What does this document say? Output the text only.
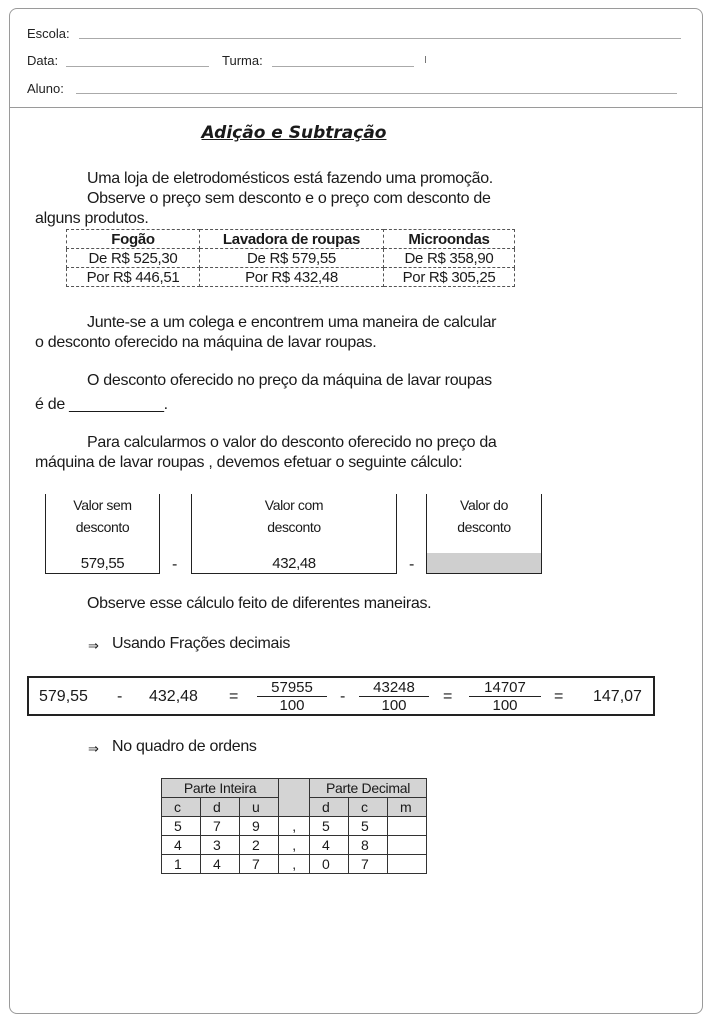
Escola:
Data:	Turma:
Aluno:
Adição e Subtração
Uma loja de eletrodomésticos está fazendo uma promoção.
Observe o preço sem desconto e o preço com desconto de
alguns produtos.
Fogão	Lavadora de roupas	Microondas
De R$ 525,30	De R$ 579,55	De R$ 358,90
Por R$ 446,51	Por R$ 432,48	Por R$ 305,25
Junte-se a um colega e encontrem uma maneira de calcular
o desconto oferecido na máquina de lavar roupas.
O desconto oferecido no preço da máquina de lavar roupas
é de ___________.
Para calcularmos o valor do desconto oferecido no preço da
máquina de lavar roupas , devemos efetuar o seguinte cálculo:
Valor sem
desconto
579,55	-
Valor com
desconto
432,48	-
Valor do
desconto
Observe esse cálculo feito de diferentes maneiras.
⇒ Usando Frações decimais
$579,55 - 432,48 = \frac{57955}{100} - \frac{43248}{100} = \frac{14707}{100} = 147,07$
⇒ No quadro de ordens
Parte Inteira				Parte Decimal		
c	d	u		d	c	m
5	7	9	,	5	5	
4	3	2	,	4	8	
1	4	7	,	0	7	
